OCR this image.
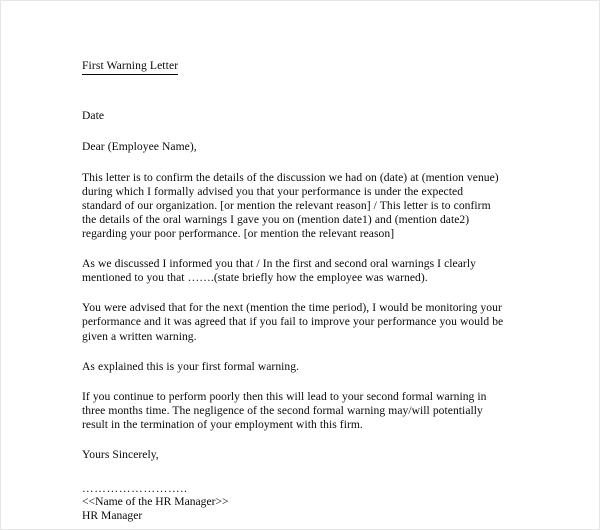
First Warning Letter

Date

Dear (Employee Name),

This letter is to confirm the details of the discussion we had on (date) at (mention venue)
during which I formally advised you that your performance is under the expected
standard of our organization. [or mention the relevant reason] / This letter is to confirm
the details of the oral warnings I gave you on (mention date1) and (mention date2)
regarding your poor performance. [or mention the relevant reason]

As we discussed I informed you that / In the first and second oral warnings I clearly
mentioned to you that …….(state briefly how the employee was warned).

You were advised that for the next (mention the time period), I would be monitoring your
performance and it was agreed that if you fail to improve your performance you would be
given a written warning.

As explained this is your first formal warning.

If you continue to perform poorly then this will lead to your second formal warning in
three months time. The negligence of the second formal warning may/will potentially
result in the termination of your employment with this firm.

Yours Sincerely,

……………………..
<<Name of the HR Manager>>
HR Manager
